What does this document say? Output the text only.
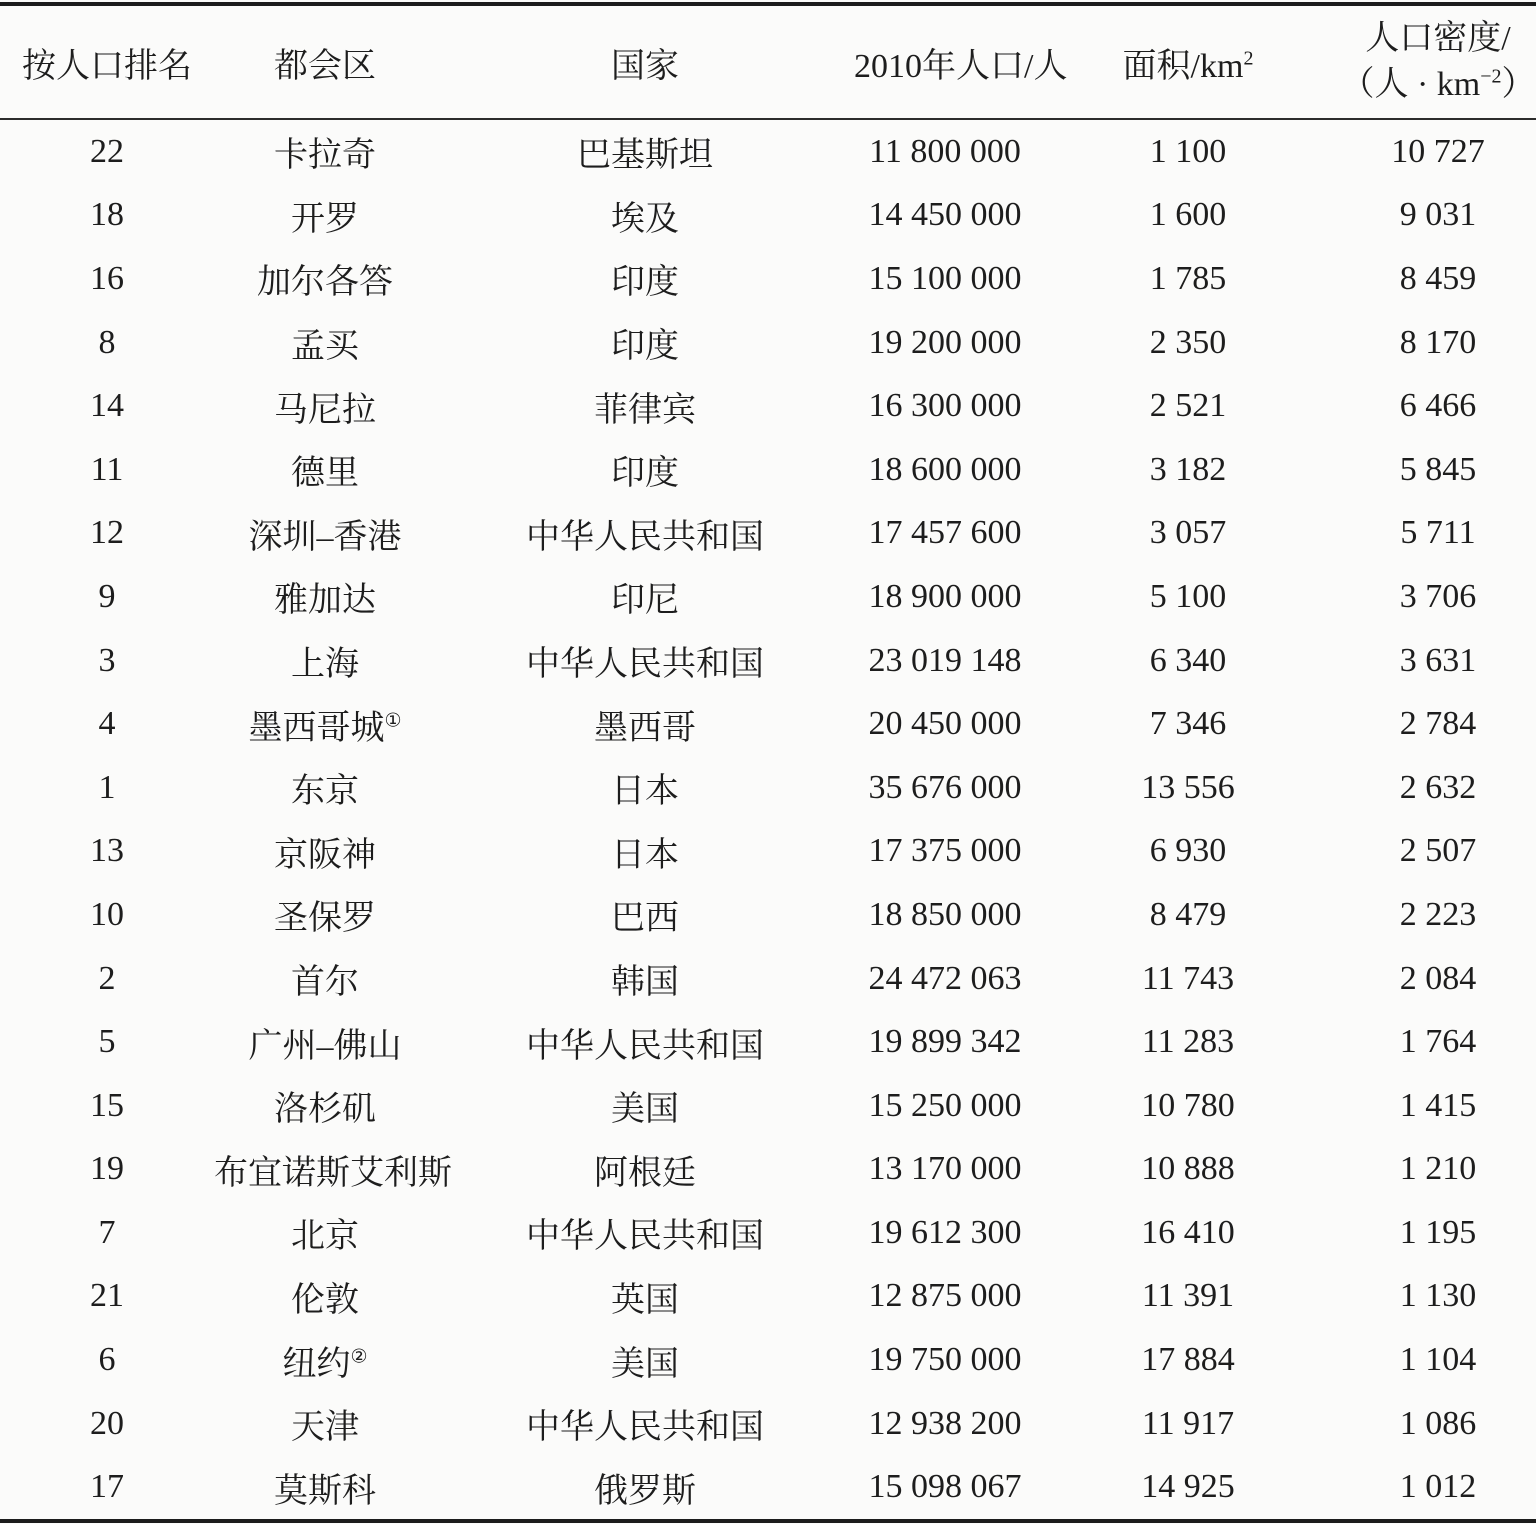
按人口排名	都会区	国家	2010年人口/人	面积$/km^2$	人口密度/
（人 · $km^{-2}$）

22	卡拉奇	巴基斯坦	11 800 000	1 100	10 727
18	开罗	埃及	14 450 000	1 600	9 031
16	加尔各答	印度	15 100 000	1 785	8 459
8	孟买	印度	19 200 000	2 350	8 170
14	马尼拉	菲律宾	16 300 000	2 521	6 466
11	德里	印度	18 600 000	3 182	5 845
12	深圳–香港	中华人民共和国	17 457 600	3 057	5 711
9	雅加达	印尼	18 900 000	5 100	3 706
3	上海	中华人民共和国	23 019 148	6 340	3 631
4	墨西哥城①	墨西哥	20 450 000	7 346	2 784
1	东京	日本	35 676 000	13 556	2 632
13	京阪神	日本	17 375 000	6 930	2 507
10	圣保罗	巴西	18 850 000	8 479	2 223
2	首尔	韩国	24 472 063	11 743	2 084
5	广州–佛山	中华人民共和国	19 899 342	11 283	1 764
15	洛杉矶	美国	15 250 000	10 780	1 415
19	布宜诺斯艾利斯	阿根廷	13 170 000	10 888	1 210
7	北京	中华人民共和国	19 612 300	16 410	1 195
21	伦敦	英国	12 875 000	11 391	1 130
6	纽约②	美国	19 750 000	17 884	1 104
20	天津	中华人民共和国	12 938 200	11 917	1 086
17	莫斯科	俄罗斯	15 098 067	14 925	1 012
